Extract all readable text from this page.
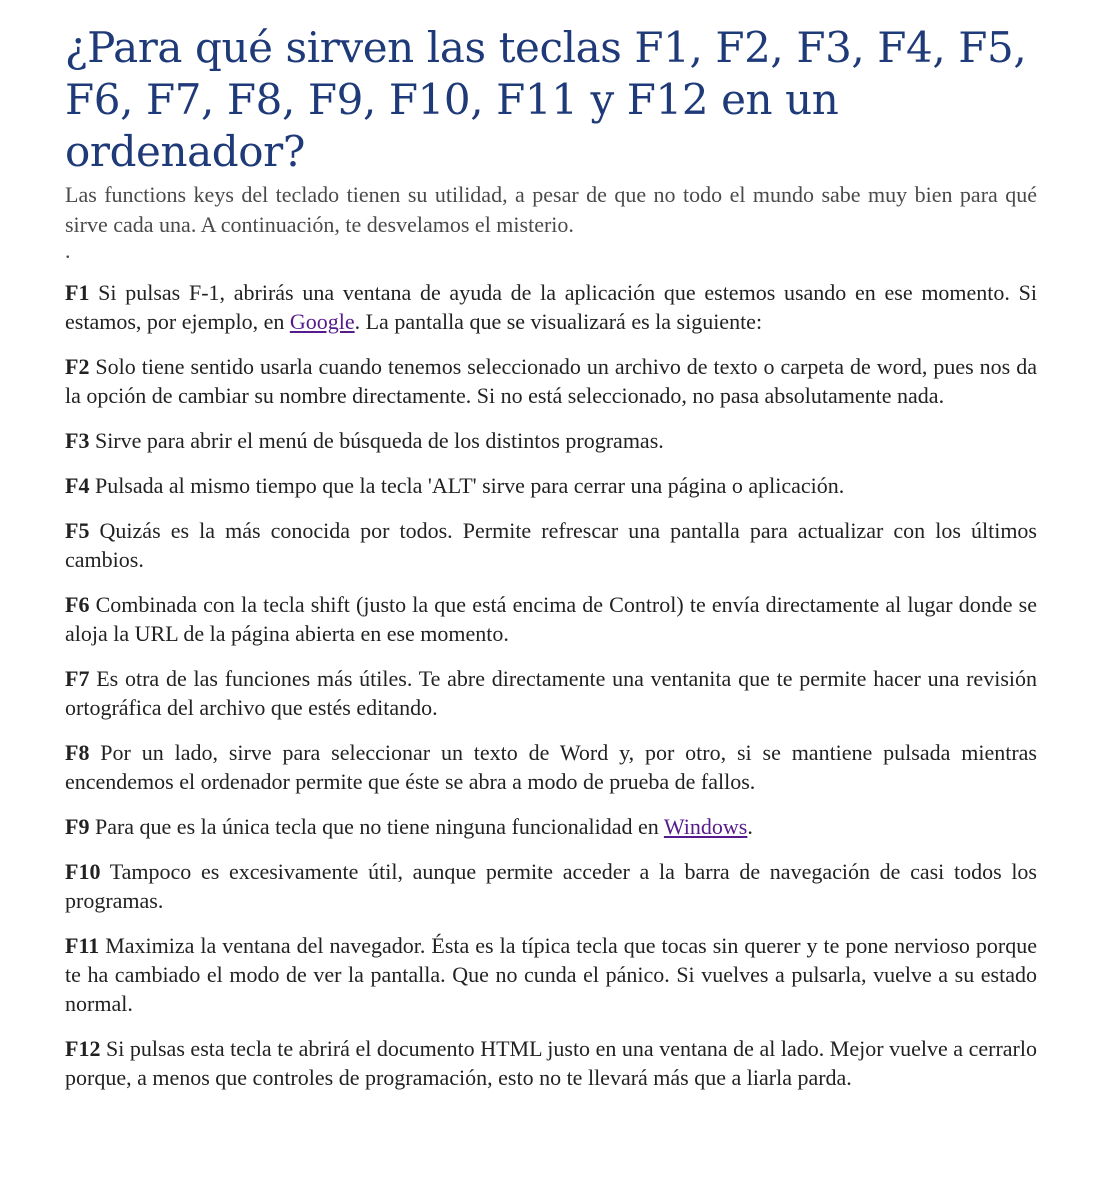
¿Para qué sirven las teclas F1, F2, F3, F4, F5, F6, F7, F8, F9, F10, F11 y F12 en un ordenador?

Las functions keys del teclado tienen su utilidad, a pesar de que no todo el mundo sabe muy bien para qué sirve cada una. A continuación, te desvelamos el misterio.

.

F1 Si pulsas F-1, abrirás una ventana de ayuda de la aplicación que estemos usando en ese momento. Si estamos, por ejemplo, en Google. La pantalla que se visualizará es la siguiente:

F2 Solo tiene sentido usarla cuando tenemos seleccionado un archivo de texto o carpeta de word, pues nos da la opción de cambiar su nombre directamente. Si no está seleccionado, no pasa absolutamente nada.

F3 Sirve para abrir el menú de búsqueda de los distintos programas.

F4 Pulsada al mismo tiempo que la tecla 'ALT' sirve para cerrar una página o aplicación.

F5 Quizás es la más conocida por todos. Permite refrescar una pantalla para actualizar con los últimos cambios.

F6 Combinada con la tecla shift (justo la que está encima de Control) te envía directamente al lugar donde se aloja la URL de la página abierta en ese momento.

F7 Es otra de las funciones más útiles. Te abre directamente una ventanita que te permite hacer una revisión ortográfica del archivo que estés editando.

F8 Por un lado, sirve para seleccionar un texto de Word y, por otro, si se mantiene pulsada mientras encendemos el ordenador permite que éste se abra a modo de prueba de fallos.

F9 Para que es la única tecla que no tiene ninguna funcionalidad en Windows.

F10 Tampoco es excesivamente útil, aunque permite acceder a la barra de navegación de casi todos los programas.

F11 Maximiza la ventana del navegador. Ésta es la típica tecla que tocas sin querer y te pone nervioso porque te ha cambiado el modo de ver la pantalla. Que no cunda el pánico. Si vuelves a pulsarla, vuelve a su estado normal.

F12 Si pulsas esta tecla te abrirá el documento HTML justo en una ventana de al lado. Mejor vuelve a cerrarlo porque, a menos que controles de programación, esto no te llevará más que a liarla parda.
